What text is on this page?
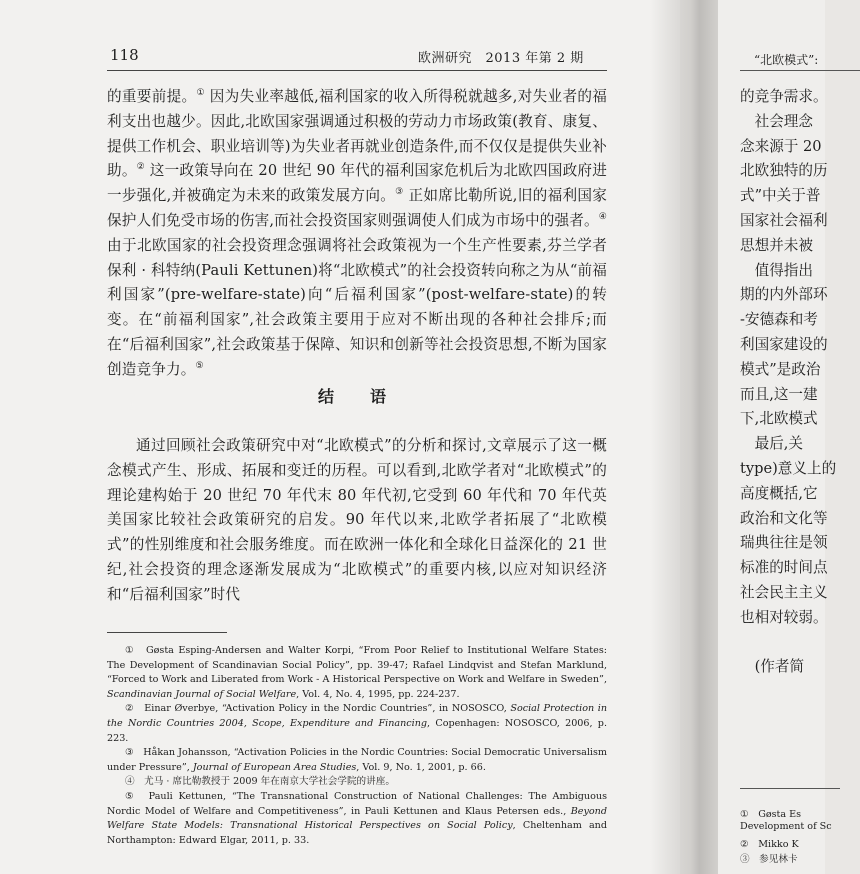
118	欧洲研究　2013 年第 2 期

的重要前提。① 因为失业率越低,福利国家的收入所得税就越多,对失业者的福利支出也越少。因此,北欧国家强调通过积极的劳动力市场政策(教育、康复、提供工作机会、职业培训等)为失业者再就业创造条件,而不仅仅是提供失业补助。② 这一政策导向在 20 世纪 90 年代的福利国家危机后为北欧四国政府进一步强化,并被确定为未来的政策发展方向。③ 正如席比勒所说,旧的福利国家保护人们免受市场的伤害,而社会投资国家则强调使人们成为市场中的强者。④ 由于北欧国家的社会投资理念强调将社会政策视为一个生产性要素,芬兰学者保利 · 科特纳(Pauli Kettunen)将“北欧模式”的社会投资转向称之为从“前福利国家”(pre-welfare-state)向“后福利国家”(post-welfare-state)的转变。在“前福利国家”,社会政策主要用于应对不断出现的各种社会排斥;而在“后福利国家”,社会政策基于保障、知识和创新等社会投资思想,不断为国家创造竞争力。⑤

结　语

通过回顾社会政策研究中对“北欧模式”的分析和探讨,文章展示了这一概念模式产生、形成、拓展和变迁的历程。可以看到,北欧学者对“北欧模式”的理论建构始于 20 世纪 70 年代末 80 年代初,它受到 60 年代和 70 年代英美国家比较社会政策研究的启发。90 年代以来,北欧学者拓展了“北欧模式”的性别维度和社会服务维度。而在欧洲一体化和全球化日益深化的 21 世纪,社会投资的理念逐渐发展成为“北欧模式”的重要内核,以应对知识经济和“后福利国家”时代

①　Gøsta Esping-Andersen and Walter Korpi, “From Poor Relief to Institutional Welfare States: The Development of Scandinavian Social Policy”, pp. 39-47; Rafael Lindqvist and Stefan Marklund, “Forced to Work and Liberated from Work - A Historical Perspective on Work and Welfare in Sweden”, Scandinavian Journal of Social Welfare, Vol. 4, No. 4, 1995, pp. 224-237.

②　Einar Øverbye, “Activation Policy in the Nordic Countries”, in NOSOSCO, Social Protection in the Nordic Countries 2004, Scope, Expenditure and Financing, Copenhagen: NOSOSCO, 2006, p. 223.

③　Håkan Johansson, “Activation Policies in the Nordic Countries: Social Democratic Universalism under Pressure”, Journal of European Area Studies, Vol. 9, No. 1, 2001, p. 66.

④　尤马 · 席比勒教授于 2009 年在南京大学社会学院的讲座。

⑤　Pauli Kettunen, “The Transnational Construction of National Challenges: The Ambiguous Nordic Model of Welfare and Competitiveness”, in Pauli Kettunen and Klaus Petersen eds., Beyond Welfare State Models: Transnational Historical Perspectives on Social Policy, Cheltenham and Northampton: Edward Elgar, 2011, p. 33.

“北欧模式”:
的竞争需求。
　社会理念
念来源于 20
北欧独特的历
式”中关于普
国家社会福利
思想并未被
　值得指出
期的内外部环
-安德森和考
利国家建设的
模式”是政治
而且,这一建
下,北欧模式
　最后,关
type)意义上的
高度概括,它
政治和文化等
瑞典往往是领
标准的时间点
社会民主主义
也相对较弱。
　(作者简
①　Gøsta Es
Development of Sc
②　Mikko K
③　参见林卡
